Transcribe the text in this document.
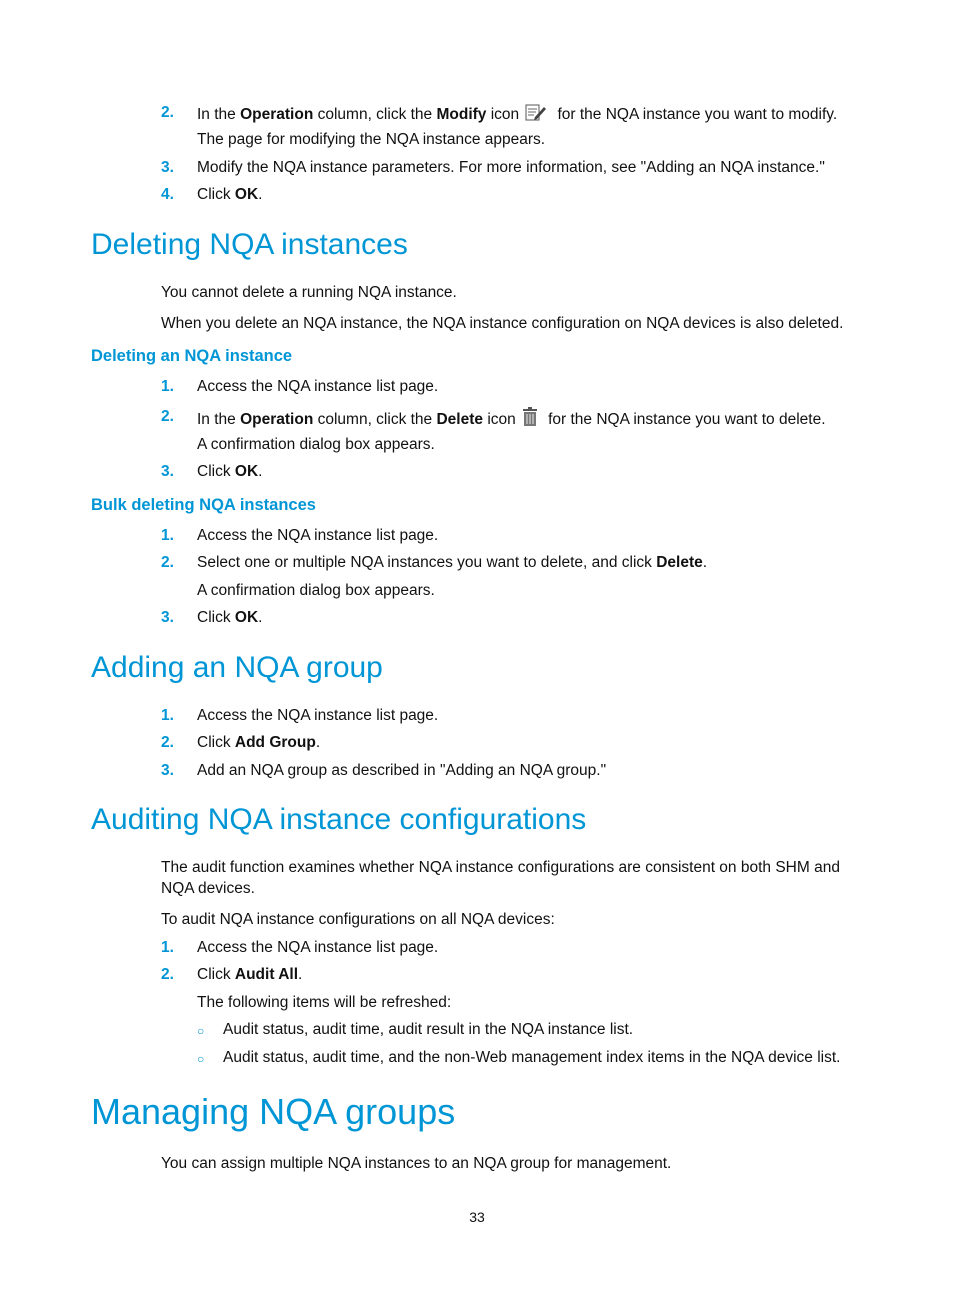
2. In the Operation column, click the Modify icon for the NQA instance you want to modify.
The page for modifying the NQA instance appears.
3. Modify the NQA instance parameters. For more information, see "Adding an NQA instance."
4. Click OK.
Deleting NQA instances
You cannot delete a running NQA instance.
When you delete an NQA instance, the NQA instance configuration on NQA devices is also deleted.
Deleting an NQA instance
1. Access the NQA instance list page.
2. In the Operation column, click the Delete icon for the NQA instance you want to delete.
A confirmation dialog box appears.
3. Click OK.
Bulk deleting NQA instances
1. Access the NQA instance list page.
2. Select one or multiple NQA instances you want to delete, and click Delete.
A confirmation dialog box appears.
3. Click OK.
Adding an NQA group
1. Access the NQA instance list page.
2. Click Add Group.
3. Add an NQA group as described in "Adding an NQA group."
Auditing NQA instance configurations
The audit function examines whether NQA instance configurations are consistent on both SHM and
NQA devices.
To audit NQA instance configurations on all NQA devices:
1. Access the NQA instance list page.
2. Click Audit All.
The following items will be refreshed:
○ Audit status, audit time, audit result in the NQA instance list.
○ Audit status, audit time, and the non-Web management index items in the NQA device list.
Managing NQA groups
You can assign multiple NQA instances to an NQA group for management.
33
